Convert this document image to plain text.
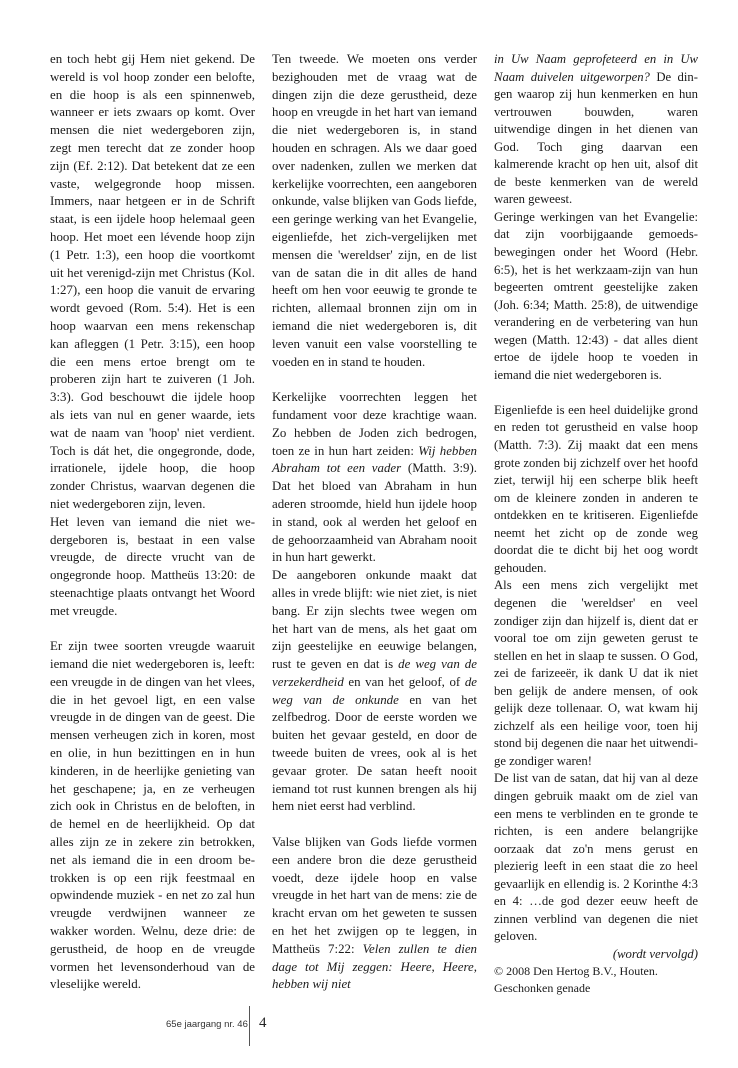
en toch hebt gij Hem niet gekend. De wereld is vol hoop zonder een belofte, en die hoop is als een spinnenweb, wanneer er iets zwaars op komt. Over mensen die niet wedergeboren zijn, zegt men terecht dat ze zonder hoop zijn (Ef. 2:12). Dat betekent dat ze een vaste, welgegronde hoop missen. Immers, naar hetgeen er in de Schrift staat, is een ijdele hoop helemaal geen hoop. Het moet een lévende hoop zijn (1 Petr. 1:3), een hoop die voortkomt uit het verenigd-zijn met Christus (Kol. 1:27), een hoop die vanuit de ervaring wordt gevoed (Rom. 5:4). Het is een hoop waarvan een mens rekenschap kan afleggen (1 Petr. 3:15), een hoop die een mens ertoe brengt om te proberen zijn hart te zuiveren (1 Joh. 3:3). God beschouwt die ijdele hoop als iets van nul en gener waarde, iets wat de naam van 'hoop' niet verdient. Toch is dát het, die ongegronde, dode, irrationele, ijdele hoop, die hoop zonder Christus, waarvan degenen die niet wedergeboren zijn, leven.

Het leven van iemand die niet wedergeboren is, bestaat in een valse vreugde, de directe vrucht van de ongegronde hoop. Mattheüs 13:20: de steenachtige plaats ontvangt het Woord met vreugde.

Er zijn twee soorten vreugde waaruit iemand die niet wedergeboren is, leeft: een vreugde in de dingen van het vlees, die in het gevoel ligt, en een valse vreugde in de dingen van de geest. Die mensen verheugen zich in koren, most en olie, in hun bezittingen en in hun kinderen, in de heerlijke genieting van het geschapene; ja, en ze verheugen zich ook in Christus en de beloften, in de hemel en de heerlijkheid. Op dat alles zijn ze in zekere zin betrokken, net als iemand die in een droom betrokken is op een rijk feestmaal en opwindende muziek - en net zo zal hun vreugde verdwijnen wanneer ze wakker worden. Welnu, deze drie: de gerustheid, de hoop en de vreugde vormen het levensonderhoud van de vleselijke wereld.

Ten tweede. We moeten ons verder bezighouden met de vraag wat de dingen zijn die deze gerustheid, deze hoop en vreugde in het hart van iemand die niet wedergeboren is, in stand houden en schragen. Als we daar goed over nadenken, zullen we merken dat kerkelijke voorrechten, een aangeboren onkunde, valse blijken van Gods liefde, een geringe werking van het Evangelie, eigenliefde, het zich-vergelijken met mensen die 'wereldser' zijn, en de list van de satan die in dit alles de hand heeft om hen voor eeuwig te gronde te richten, allemaal bronnen zijn om in iemand die niet wedergeboren is, dit leven vanuit een valse voorstelling te voeden en in stand te houden.

Kerkelijke voorrechten leggen het fundament voor deze krachtige waan. Zo hebben de Joden zich bedrogen, toen ze in hun hart zeiden: Wij hebben Abraham tot een vader (Matth. 3:9). Dat het bloed van Abraham in hun aderen stroomde, hield hun ijdele hoop in stand, ook al werden het geloof en de gehoorzaamheid van Abraham nooit in hun hart gewerkt.

De aangeboren onkunde maakt dat alles in vrede blijft: wie niet ziet, is niet bang. Er zijn slechts twee wegen om het hart van de mens, als het gaat om zijn geestelijke en eeuwige belangen, rust te geven en dat is de weg van de verzekerdheid en van het geloof, of de weg van de onkunde en van het zelfbedrog. Door de eerste worden we buiten het gevaar gesteld, en door de tweede buiten de vrees, ook al is het gevaar groter. De satan heeft nooit iemand tot rust kunnen brengen als hij hem niet eerst had verblind.

Valse blijken van Gods liefde vormen een andere bron die deze gerustheid voedt, deze ijdele hoop en valse vreugde in het hart van de mens: zie de kracht ervan om het geweten te sussen en het het zwijgen op te leggen, in Mattheüs 7:22: Velen zullen te dien dage tot Mij zeggen: Heere, Heere, hebben wij niet

in Uw Naam geprofeteerd en in Uw Naam duivelen uitgeworpen? De dingen waarop zij hun kenmerken en hun vertrouwen bouwden, waren uitwendige dingen in het dienen van God. Toch ging daarvan een kalmerende kracht op hen uit, alsof dit de beste kenmerken van de wereld waren geweest.

Geringe werkingen van het Evangelie: dat zijn voorbijgaande gemoedsbewegingen onder het Woord (Hebr. 6:5), het is het werkzaam-zijn van hun begeerten omtrent geestelijke zaken (Joh. 6:34; Matth. 25:8), de uitwendige verandering en de verbetering van hun wegen (Matth. 12:43) - dat alles dient ertoe de ijdele hoop te voeden in iemand die niet wedergeboren is.

Eigenliefde is een heel duidelijke grond en reden tot gerustheid en valse hoop (Matth. 7:3). Zij maakt dat een mens grote zonden bij zichzelf over het hoofd ziet, terwijl hij een scherpe blik heeft om de kleinere zonden in anderen te ontdekken en te kritiseren. Eigenliefde neemt het zicht op de zonde weg doordat die te dicht bij het oog wordt gehouden.

Als een mens zich vergelijkt met degenen die 'wereldser' en veel zondiger zijn dan hijzelf is, dient dat er vooral toe om zijn geweten gerust te stellen en het in slaap te sussen. O God, zei de farizeeër, ik dank U dat ik niet ben gelijk de andere mensen, of ook gelijk deze tollenaar. O, wat kwam hij zichzelf als een heilige voor, toen hij stond bij degenen die naar het uitwendige zondiger waren!

De list van de satan, dat hij van al deze dingen gebruik maakt om de ziel van een mens te verblinden en te gronde te richten, is een andere belangrijke oorzaak dat zo'n mens gerust en plezierig leeft in een staat die zo heel gevaarlijk en ellendig is. 2 Korinthe 4:3 en 4: …de god dezer eeuw heeft de zinnen verblind van degenen die niet geloven.

(wordt vervolgd)

© 2008 Den Hertog B.V., Houten.

Geschonken genade

65e jaargang nr. 46 4
